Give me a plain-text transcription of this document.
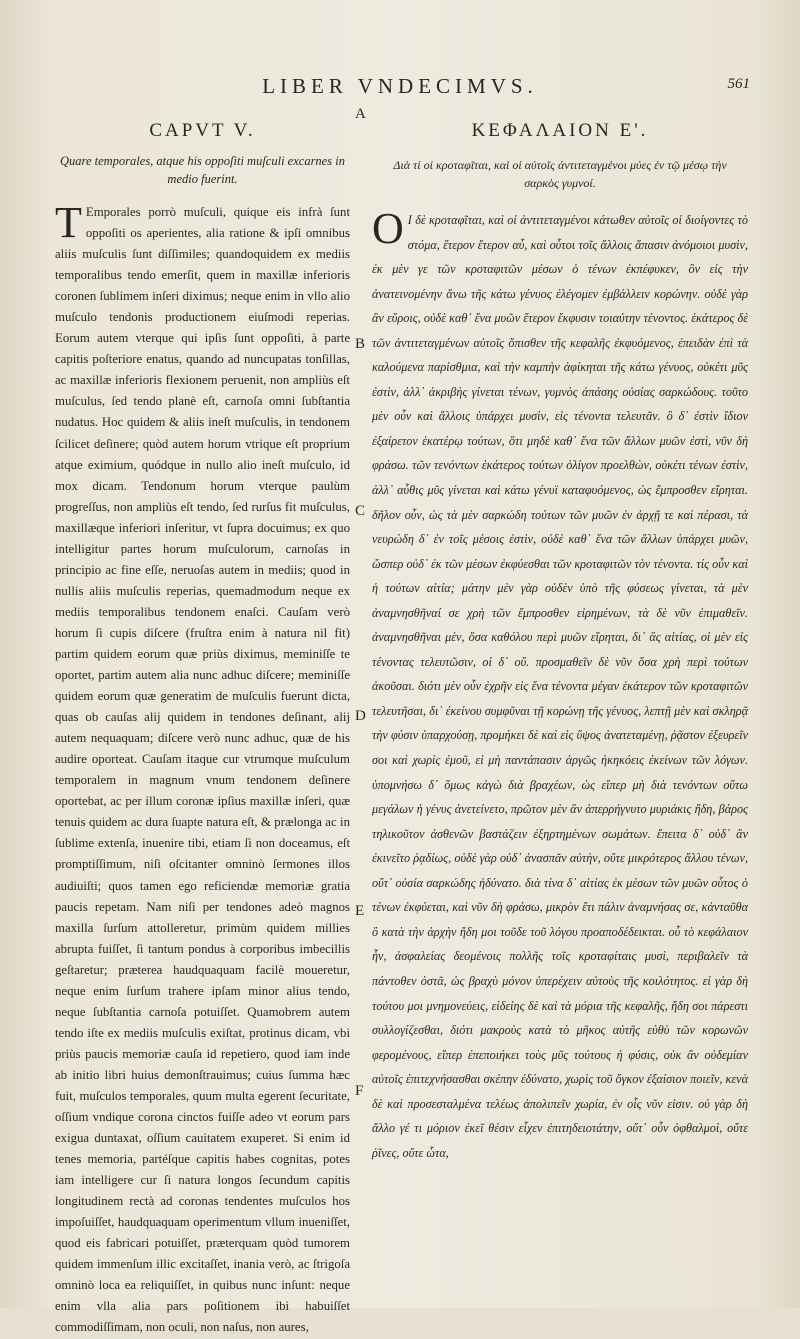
LIBER VNDECIMVS.	561
A
B
C
D
E
F
CAPVT V.
Quare temporales, atque his oppoſiti muſculi excarnes in medio fuerint.
T Emporales porrò muſculi, quique eis infrà ſunt oppoſiti os aperientes, alia ratione & ipſi omnibus aliis muſculis ſunt diſſimiles; quandoquidem ex mediis temporalibus tendo emerſit, quem in maxillæ inferioris coronen ſublimem inſeri diximus; neque enim in vllo alio muſculo tendonis productionem eiuſmodi reperias. Eorum autem vterque qui ipſis ſunt oppoſiti, à parte capitis poſteriore enatus, quando ad nuncupatas tonſillas, ac maxillæ inferioris flexionem peruenit, non ampliùs eſt muſculus, ſed tendo planè eſt, carnoſa omni ſubſtantia nudatus. Hoc quidem & aliis ineſt muſculis, in tendonem ſcilicet deſinere; quòd autem horum vtrique eſt proprium atque eximium, quódque in nullo alio ineſt muſculo, id mox dicam. Tendonum horum vterque paulùm progreſſus, non ampliùs eſt tendo, ſed rurſus fit muſculus, maxillæque inferiori inſeritur, vt ſupra docuimus; ex quo intelligitur partes horum muſculorum, carnoſas in principio ac fine eſſe, neruoſas autem in mediis; quod in nullis aliis muſculis reperias, quemadmodum neque ex mediis temporalibus tendonem enaſci. Cauſam verò horum ſi cupis diſcere (fruſtra enim à natura nil fit) partim quidem eorum quæ priùs diximus, meminiſſe te oportet, partim autem alia nunc adhuc diſcere; meminiſſe quidem eorum quæ generatim de muſculis fuerunt dicta, quas ob cauſas alij quidem in tendones deſinant, alij autem nequaquam; diſcere verò nunc adhuc, quæ de his audire oporteat. Cauſam itaque cur vtrumque muſculum temporalem in magnum vnum tendonem deſinere oportebat, ac per illum coronæ ipſius maxillæ inſeri, quæ tenuis quidem ac dura ſuapte natura eſt, & prælonga ac in ſublime extenſa, inuenire tibi, etiam ſi non doceamus, eſt promptiſſimum, niſi oſcitanter omninò ſermones illos audiuiſti; quos tamen ego reficiendæ memoriæ gratia paucis repetam. Nam niſi per tendones adeò magnos maxilla ſurſum attolleretur, primùm quidem millies abrupta fuiſſet, ſi tantum pondus à corporibus imbecillis geſtaretur; præterea haudquaquam facilè moueretur, neque enim ſurſum trahere ipſam minor alius tendo, neque ſubſtantia carnoſa potuiſſet. Quamobrem autem tendo iſte ex mediis muſculis exiſtat, protinus dicam, vbi priùs paucis memoriæ cauſa id repetiero, quod iam inde ab initio libri huius demonſtrauimus; cuius ſumma hæc fuit, muſculos temporales, quum multa egerent ſecuritate, oſſium vndique corona cinctos fuiſſe adeo vt eorum pars exigua duntaxat, oſſium cauitatem exuperet. Si enim id tenes memoria, partéſque capitis habes cognitas, potes iam intelligere cur ſi natura longos ſecundum capitis longitudinem rectà ad coronas tendentes muſculos hos impoſuiſſet, haudquaquam operimentum vllum inueniſſet, quod eis fabricari potuiſſet, præterquam quòd tumorem quidem immenſum illic excitaſſet, inania verò, ac ſtrigoſa omninò loca ea reliquiſſet, in quibus nunc inſunt: neque enim vlla alia pars poſitionem ibi habuiſſet commodiſſimam, non oculi, non naſus, non aures,
ΚΕΦΑΛΑΙΟΝ Ε'.
Διὰ τί οἱ κροταφῖται, καὶ οἱ αὐτοῖς ἀντιτεταγμένοι μύες ἐν τῷ μέσῳ τὴν σαρκὸς γυμνοί.
Ο Ι δὲ κροταφῖται, καὶ οἱ ἀντιτεταγμένοι κάτωθεν αὐτοῖς οἱ διοίγοντες τὸ στόμα, ἕτερον ἕτερον αὖ, καὶ οὗτοι τοῖς ἄλλοις ἅπασιν ἀνόμοιοι μυσὶν, ἐκ μὲν γε τῶν κροταφιτῶν μέσων ὁ τένων ἐκπέφυκεν, ὃν εἰς τὴν ἀνατεινομένην ἄνω τῆς κάτω γένυος ἐλέγομεν ἐμβάλλειν κορώνην. οὐδὲ γὰρ ἂν εὕροις, οὐδὲ καθ᾽ ἕνα μυῶν ἕτερον ἔκφυσιν τοιαύτην τένοντος. ἑκάτερος δὲ τῶν ἀντιτεταγμένων αὐτοῖς ὄπισθεν τῆς κεφαλῆς ἐκφυόμενος, ἐπειδὰν ἐπὶ τὰ καλούμενα παρίσθμια, καὶ τὴν καμπὴν ἀφίκηται τῆς κάτω γένυος, οὐκέτι μῦς ἐστὶν, ἀλλ᾽ ἀκριβὴς γίνεται τένων, γυμνὸς ἁπάσης οὐσίας σαρκώδους. τοῦτο μὲν οὖν καὶ ἄλλοις ὑπάρχει μυσὶν, εἰς τένοντα τελευτᾶν. ὃ δ᾽ ἐστὶν ἴδιον ἐξαίρετον ἑκατέρῳ τούτων, ὅτι μηδὲ καθ᾽ ἕνα τῶν ἄλλων μυῶν ἐστὶ, νῦν δὴ φράσω. τῶν τενόντων ἑκάτερος τούτων ὀλίγον προελθὼν, οὐκέτι τένων ἐστὶν, ἀλλ᾽ αὖθις μῦς γίνεται καὶ κάτω γένυϊ καταφυόμενος, ὡς ἔμπροσθεν εἴρηται. δῆλον οὖν, ὡς τὰ μὲν σαρκώδη τούτων τῶν μυῶν ἐν ἀρχῇ τε καὶ πέρασι, τὰ νευρώδη δ᾽ ἐν τοῖς μέσοις ἐστὶν, οὐδὲ καθ᾽ ἕνα τῶν ἄλλων ὑπάρχει μυῶν, ὥσπερ οὐδ᾽ ἐκ τῶν μέσων ἐκφύεσθαι τῶν κροταφιτῶν τὸν τένοντα. τίς οὖν καὶ ἡ τούτων αἰτία; μάτην μὲν γὰρ οὐδὲν ὑπὸ τῆς φύσεως γίνεται, τὰ μὲν ἀναμνησθῆναί σε χρὴ τῶν ἔμπροσθεν εἰρημένων, τὰ δὲ νῦν ἐπιμαθεῖν. ἀναμνησθῆναι μὲν, ὅσα καθόλου περὶ μυῶν εἴρηται, δι᾽ ἃς αἰτίας, οἱ μὲν εἰς τένοντας τελευτῶσιν, οἱ δ᾽ οὔ. προσμαθεῖν δὲ νῦν ὅσα χρὴ περὶ τούτων ἀκοῦσαι. διότι μὲν οὖν ἐχρῆν εἰς ἕνα τένοντα μέγαν ἑκάτερον τῶν κροταφιτῶν τελευτῆσαι, δι᾽ ἐκείνου συμφῦναι τῇ κορώνῃ τῆς γένυος, λεπτῇ μὲν καὶ σκληρᾷ τὴν φύσιν ὑπαρχούσῃ, προμήκει δὲ καὶ εἰς ὕψος ἀνατεταμένῃ, ῥᾷστον ἐξευρεῖν σοι καὶ χωρὶς ἐμοῦ, εἰ μὴ παντάπασιν ἀργῶς ἠκηκόεις ἐκείνων τῶν λόγων. ὑπομνήσω δ᾽ ὅμως κἀγὼ διὰ βραχέων, ὡς εἴπερ μὴ διὰ τενόντων οὕτω μεγάλων ἡ γένυς ἀνετείνετο, πρῶτον μὲν ἂν ἀπερρήγνυτο μυριάκις ἤδη, βάρος τηλικοῦτον ἀσθενῶν βαστάζειν ἐξηρτημένων σωμάτων. ἔπειτα δ᾽ οὐδ᾽ ἂν ἐκινεῖτο ῥᾳδίως, οὐδὲ γὰρ οὐδ᾽ ἀνασπᾶν αὐτὴν, οὔτε μικρότερος ἄλλου τένων, οὔτ᾽ οὐσία σαρκώδης ἠδύνατο. διὰ τίνα δ᾽ αἰτίας ἐκ μέσων τῶν μυῶν οὗτος ὁ τένων ἐκφύεται, καὶ νῦν δὴ φράσω, μικρὸν ἔτι πάλιν ἀναμνήσας σε, κἀνταῦθα ὃ κατὰ τὴν ἀρχὴν ἤδη μοι τοῦδε τοῦ λόγου προαποδέδεικται. οὗ τὸ κεφάλαιον ἦν, ἀσφαλείας δεομένοις πολλῆς τοῖς κροταφίταις μυσὶ, περιβαλεῖν τὰ πάντοθεν ὀστᾶ, ὡς βραχὺ μόνον ὑπερέχειν αὐτοὺς τῆς κοιλότητος. εἰ γὰρ δὴ τούτου μοι μνημονεύεις, εἰδείης δὲ καὶ τὰ μόρια τῆς κεφαλῆς, ἤδη σοι πάρεστι συλλογίζεσθαι, διότι μακροὺς κατὰ τὸ μῆκος αὐτῆς εὐθὺ τῶν κορωνῶν φερομένους, εἴπερ ἐπεποιήκει τοὺς μῦς τούτους ἡ φύσις, οὐκ ἂν οὐδεμίαν αὐτοῖς ἐπιτεχνήσασθαι σκέπην ἐδύνατο, χωρὶς τοῦ ὄγκον ἐξαίσιον ποιεῖν, κενὰ δὲ καὶ προσεσταλμένα τελέως ἀπολιπεῖν χωρία, ἐν οἷς νῦν εἰσιν. οὐ γὰρ δὴ ἄλλο γέ τι μόριον ἐκεῖ θέσιν εἶχεν ἐπιτηδειοτάτην, οὔτ᾽ οὖν ὀφθαλμοὶ, οὔτε ῥῖνες, οὔτε ὦτα,
